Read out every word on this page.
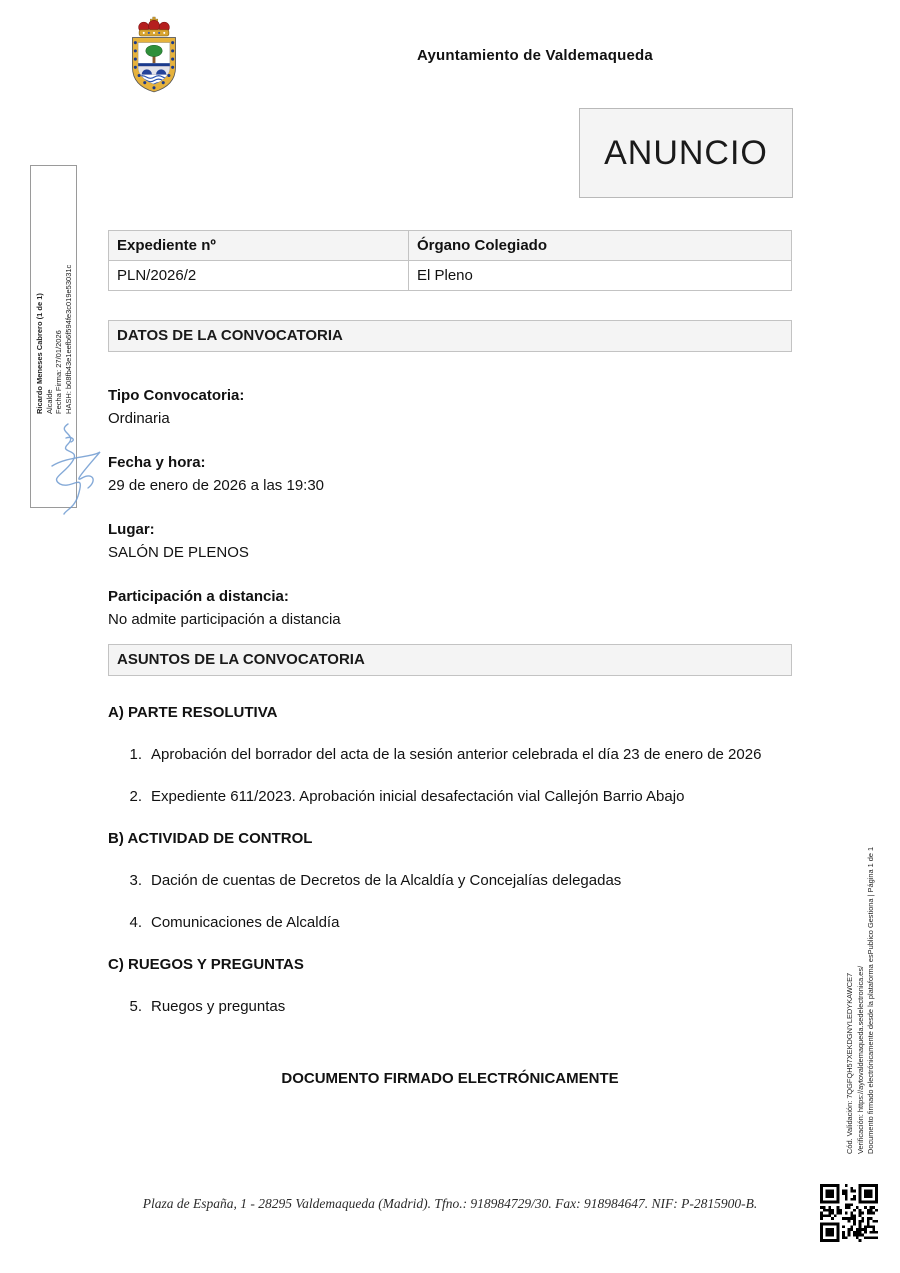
Ayuntamiento de Valdemaqueda
ANUNCIO
Expediente nº	Órgano Colegiado
PLN/2026/2	El Pleno
DATOS DE LA CONVOCATORIA
Tipo Convocatoria:
Ordinaria
Fecha y hora:
29 de enero de 2026 a las 19:30
Lugar:
SALÓN DE PLENOS
Participación a distancia:
No admite participación a distancia
ASUNTOS DE LA CONVOCATORIA
A) PARTE RESOLUTIVA
1. Aprobación del borrador del acta de la sesión anterior celebrada el día 23 de enero de 2026
2. Expediente 611/2023. Aprobación inicial desafectación vial Callejón Barrio Abajo
B) ACTIVIDAD DE CONTROL
3. Dación de cuentas de Decretos de la Alcaldía y Concejalías delegadas
4. Comunicaciones de Alcaldía
C) RUEGOS Y PREGUNTAS
5. Ruegos y preguntas
DOCUMENTO FIRMADO ELECTRÓNICAMENTE
Ricardo Meneses Cabrero (1 de 1) Alcalde Fecha Firma: 27/01/2026 HASH: b08fb43e1eefb6f594fe3c019e53031c
Cód. Validación: 7QGFQH57XEKDGNYLEDYKAWCE7 Verificación: https://aytovaldemaqueda.sedelectronica.es/ Documento firmado electrónicamente desde la plataforma esPublico Gestiona | Página 1 de 1
Plaza de España, 1 - 28295 Valdemaqueda (Madrid). Tfno.: 918984729/30. Fax: 918984647. NIF: P-2815900-B.
